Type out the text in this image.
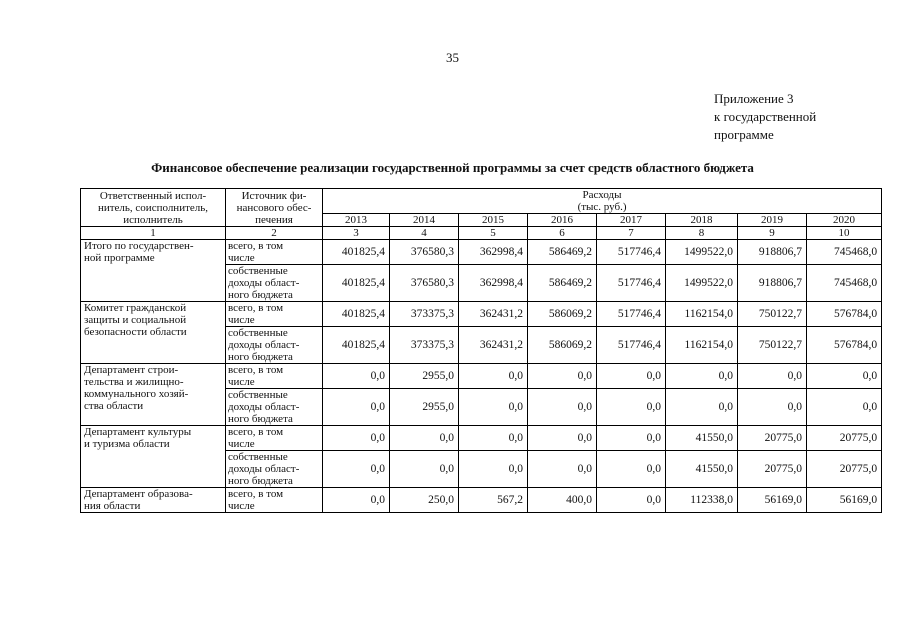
35
Приложение 3
к государственной
программе
Финансовое обеспечение реализации государственной программы за счет средств областного бюджета
Ответственный испол-
нитель, соисполнитель,
исполнитель	Источник фи-
нансового обес-
печения	Расходы
(тыс. руб.)							

		2013	2014	2015	2016	2017	2018	2019	2020
1	2	3	4	5	6	7	8	9	10

Итого по государствен-
ной программе	всего, в том
числе	401825,4	376580,3	362998,4	586469,2	517746,4	1499522,0	918806,7	745468,0

	собственные
доходы област-
ного бюджета	401825,4	376580,3	362998,4	586469,2	517746,4	1499522,0	918806,7	745468,0

Комитет гражданской
защиты и социальной
безопасности области	всего, в том
числе	401825,4	373375,3	362431,2	586069,2	517746,4	1162154,0	750122,7	576784,0

	собственные
доходы област-
ного бюджета	401825,4	373375,3	362431,2	586069,2	517746,4	1162154,0	750122,7	576784,0

Департамент строи-
тельства и жилищно-
коммунального хозяй-
ства области	всего, в том
числе	0,0	2955,0	0,0	0,0	0,0	0,0	0,0	0,0

	собственные
доходы област-
ного бюджета	0,0	2955,0	0,0	0,0	0,0	0,0	0,0	0,0

Департамент культуры
и туризма области	всего, в том
числе	0,0	0,0	0,0	0,0	0,0	41550,0	20775,0	20775,0

	собственные
доходы област-
ного бюджета	0,0	0,0	0,0	0,0	0,0	41550,0	20775,0	20775,0

Департамент образова-
ния области	всего, в том
числе	0,0	250,0	567,2	400,0	0,0	112338,0	56169,0	56169,0
